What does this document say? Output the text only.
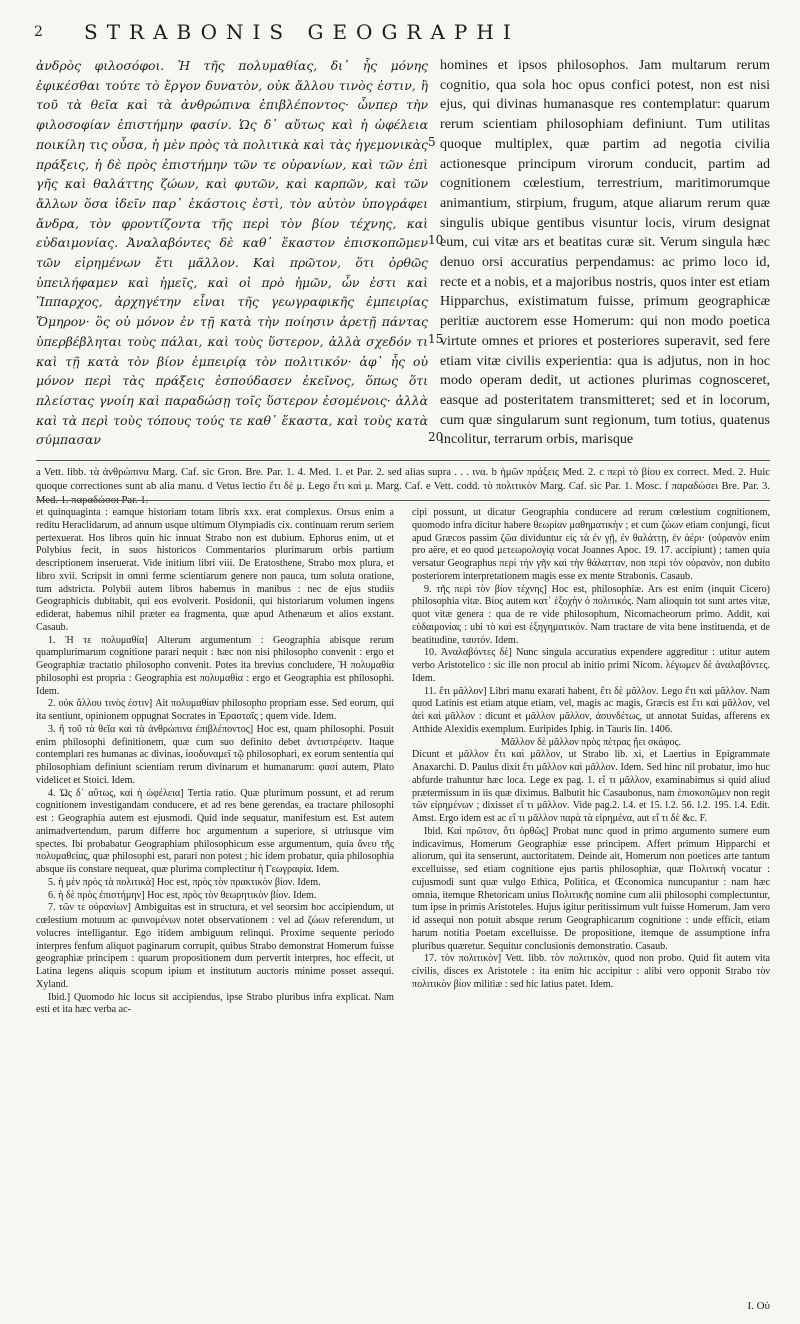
2 STRABONIS GEOGRAPHI
ἀνδρὸς φιλοσόφοι. Ἡ τῆς πολυμαθίας, δι᾽ ἧς μόνης ἐφικέσθαι τούτε τὸ ἔργον δυνατὸν, οὐκ ἄλλου τινὸς ἐστιν, ἢ τοῦ τὰ θεῖα καὶ τὰ ἀνθρώπινα ἐπιβλέποντος· ὧνπερ τὴν φιλοσοφίαν ἐπιστήμην φασίν. Ὡς δ᾽ αὔτως καὶ ἡ ὠφέλεια ποικίλη τις οὖσα, ἡ μὲν πρὸς τὰ πολιτικὰ καὶ τὰς ἡγεμονικὰς πράξεις, ἡ δὲ πρὸς ἐπιστήμην τῶν τε οὐρανίων, καὶ τῶν ἐπὶ γῆς καὶ θαλάττης ζώων, καὶ φυτῶν, καὶ καρπῶν, καὶ τῶν ἄλλων ὅσα ἰδεῖν παρ᾽ ἑκάστοις ἐστὶ, τὸν αὐτὸν ὑπογράφει ἄνδρα, τὸν φροντίζοντα τῆς περὶ τὸν βίον τέχνης, καὶ εὐδαιμονίας. Ἀναλαβόντες δὲ καθ᾽ ἕκαστον ἐπισκοπῶμεν τῶν εἰρημένων ἔτι μᾶλλον. Καὶ πρῶτον, ὅτι ὀρθῶς ὑπειλήφαμεν καὶ ἡμεῖς, καὶ οἱ πρὸ ἡμῶν, ὧν ἐστι καὶ Ἵππαρχος, ἀρχηγέτην εἶναι τῆς γεωγραφικῆς ἐμπειρίας Ὅμηρον· ὃς οὐ μόνον ἐν τῇ κατὰ τὴν ποίησιν ἀρετῇ πάντας ὑπερβέβληται τοὺς πάλαι, καὶ τοὺς ὕστερον, ἀλλὰ σχεδόν τι καὶ τῇ κατὰ τὸν βίον ἐμπειρίᾳ τὸν πολιτικόν· ἀφ᾽ ἧς οὐ μόνον περὶ τὰς πράξεις ἐσπούδασεν ἐκεῖνος, ὅπως ὅτι πλείστας γνοίη καὶ παραδώσῃ τοῖς ὕστερον ἐσομένοις· ἀλλὰ καὶ τὰ περὶ τοὺς τόπους τούς τε καθ᾽ ἕκαστα, καὶ τοὺς κατὰ σύμπασαν
5
10
15
20
homines et ipsos philosophos. Jam multarum rerum cognitio, qua sola hoc opus confici potest, non est nisi ejus, qui divinas humanasque res contemplatur: quarum rerum scientiam philosophiam definiunt. Tum utilitas quoque multiplex, quæ partim ad negotia civilia actionesque principum virorum conducit, partim ad cognitionem cœlestium, terrestrium, maritimorumque animantium, stirpium, frugum, atque aliarum rerum quæ singulis ubique gentibus visuntur locis, virum designat eum, cui vitæ ars et beatitas curæ sit. Verum singula hæc denuo orsi accuratius perpendamus: ac primo loco id, recte et a nobis, et a majoribus nostris, quos inter est etiam Hipparchus, existimatum fuisse, primum geographicæ peritiæ auctorem esse Homerum: qui non modo poetica virtute omnes et priores et posteriores superavit, sed fere etiam vitæ civilis experientia: qua is adjutus, non in hoc modo operam dedit, ut actiones plurimas cognosceret, easque ad posteritatem transmitteret; sed et in locorum, cum quæ singularum sunt regionum, tum totius, quatenus incolitur, terrarum orbis, marisque

a Vett. libb. τὰ ἀνθρώπινα Marg. Caf. sic Gron. Bre. Par. 1. 4. Med. 1. et Par. 2. sed alias supra . . . ινα. b ἡμῶν πράξεις Med. 2. c περὶ τὸ βίου ex correct. Med. 2. Huic quoque correctiones sunt ab alia manu. d Vetus lectio ἔτι δὲ μ. Lego ἔτι καὶ μ. Marg. Caf. e Vett. codd. τὸ πολιτικὸν Marg. Caf. sic Par. 1. Mosc. f παραδώσει Bre. Par. 3.

et quinquaginta : eamque historiam totam libris xxx. erat complexus. Orsus enim a reditu Heraclidarum, ad annum usque ultimum Olympiadis cix. continuam rerum seriem pertexuerat. Hos libros quin hic innuat Strabo non est dubium. Ephorus enim, ut et Polybius fecit, in suos historicos Commentarios plurimarum orbis partium descriptionem inseruerat. Vide initium libri viii. De Eratosthene, Strabo mox plura, et libro xvii. Scripsit in omni ferme scientiarum genere non pauca, tum soluta oratione, tum adstricta. Polybii autem libros habemus in manibus : nec de ejus studiis Geographicis dubitabit, qui eos evolverit. Posidonii, qui historiarum volumen ingens ediderat, habemus nihil præter ea fragmenta, quæ apud Athenæum et alios exstant. Casaub.

1. Ἡ τε πολυμαθία] Alterum argumentum : Geographia abisque rerum quamplurimarum cognitione parari nequit : hæc non nisi philosopho convenit : ergo et Geographiæ tractatio philosopho convenit. Potes ita brevius concludere, Ἡ πολυμαθία philosophi est propria : Geographia est πολυμαθία : ergo et Geographia est philosophi. Idem.

2. οὐκ ἄλλου τινὸς ἐστιν] Ait πολυμαθίαν philosopho propriam esse. Sed eorum, qui ita sentiunt, opinionem oppugnat Socrates in Ἐρασταῖς ; quem vide. Idem.

3. ἢ τοῦ τὰ θεῖα καὶ τὰ ἀνθρώπινα ἐπιβλέποντος] Hoc est, quam philosophi. Posuit enim philosophi definitionem, quæ cum suo definito debet ἀντιστρέφειν. Itaque contemplari res humanas ac divinas, ἰσοδυναμεῖ τῷ philosophari, ex eorum sententia qui philosophiam definiunt scientiam rerum divinarum et humanarum: φασὶ autem, Plato videlicet et Stoici. Idem.

4. Ὡς δ᾽ αὔτως, καὶ ἡ ὠφέλεια] Tertia ratio. Quæ plurimum possunt, et ad rerum cognitionem investigandam conducere, et ad res bene gerendas, ea tractare philosophi est : Geographia autem est ejusmodi. Quid inde sequatur, manifestum est. Est autem animadvertendum, parum differre hoc argumentum a superiore, si utriusque vim spectes. Ibi probabatur Geographiam philosophicum esse argumentum, quia ἄνευ τῆς πολυμαθείας, quæ philosophi est, parari non potest ; hic idem probatur, quia philosophia absque iis constare nequeat, quæ plurima complectitur ἡ Γεωγραφία. Idem.

5. ἡ μὲν πρὸς τὰ πολιτικὰ] Hoc est, πρὸς τὸν πρακτικὸν βίον. Idem.

6. ἡ δὲ πρὸς ἐπιστήμην] Hoc est, πρὸς τὸν θεωρητικὸν βίον. Idem.

7. τῶν τε οὐρανίων] Ambiguitas est in structura, et vel seorsim hoc accipiendum, ut cœlestium motuum ac φαινομένων notet observationem : vel ad ζώων referendum, ut volucres intelligantur. Ego itidem ambiguum relinqui. Proxime sequente periodo interpres fenfum aliquot paginarum corrupit, quibus Strabo demonstrat Homerum fuisse geographiæ principem : quarum propositionem dum pervertit interpres, hoc effecit, ut Latina legens aliquis scopum ipium et institutum auctoris minime posset assequi. Xyland.

Ibid.] Quomodo hic locus sit accipiendus, ipse Strabo pluribus infra explicat. Nam esti et ita hæc verba ac-

cipi possunt, ut dicatur Geographia conducere ad rerum cœlestium cognitionem, quomodo infra dicitur habere θεωρίαν μαθηματικὴν ; et cum ζώων etiam conjungi, ficut apud Græcos passim ζῶα dividuntur εἰς τὰ ἐν γῇ, ἐν θαλάττῃ, ἐν ἀέρι· (οὐρανὸν enim pro aëre, et eo quod μετεωρολογίᾳ vocat Joannes Apoc. 19. 17. accipiunt) ; tamen quia versatur Geographus περὶ τὴν γῆν καὶ τὴν θάλατταν, non περὶ τὸν οὐρανὸν, non dubito posteriorem interpretationem magis esse ex mente Strabonis. Casaub.

9. τῆς περὶ τὸν βίον τέχνης] Hoc est, philosophiæ. Ars est enim (inquit Cicero) philosophia vitæ. Βίος autem κατ᾽ ἐξοχὴν ὁ πολιτικός. Nam alioquin tot sunt artes vitæ, quot vitæ genera : qua de re vide philosophum, Nicomacheorum primo. Addit, καὶ εὐδαιμονίας : ubi τὸ καὶ est ἐξηγηματικόν. Nam tractare de vita bene instituenda, et de beatitudine, ταυτόν. Idem.

10. Ἀναλαβόντες δὲ] Nunc singula accuratius expendere aggreditur : utitur autem verbo Aristotelico : sic ille non procul ab initio primi Nicom. λέγωμεν δὲ ἀναλαβόντες. Idem.

11. ἔτι μᾶλλον] Libri manu exarati habent, ἔτι δὲ μᾶλλον. Lego ἔτι καὶ μᾶλλον. Nam quod Latinis est etiam atque etiam, vel, magis ac magis, Græcis est ἔτι καὶ μᾶλλον, vel ἀεὶ καὶ μᾶλλον : dicunt et μᾶλλον μᾶλλον, ἀσυνδέτως, ut annotat Suidas, afferens ex Atthide Alexidis exemplum. Euripides Iphig. in Tauris lin. 1406.

Μᾶλλον δὲ μᾶλλον πρὸς πέτρας ᾔει σκάφος.

Dicunt et μᾶλλον ἔτι καὶ μᾶλλον, ut Strabo lib. xi, et Laertius in Epigrammate Anaxarchi. D. Paulus dixit ἔτι μᾶλλον καὶ μᾶλλον. Idem. Sed hinc nil probatur, imo huc abfurde trahuntur hæc loca. Lege ex pag. 1. εἴ τι μᾶλλον, examinabimus si quid aliud prætermissum in iis quæ diximus. Balbutit hic Casaubonus, nam ἐπισκοπῶμεν non regit τῶν εἰρημένων ; dixisset εἴ τι μᾶλλον. Vide pag.2. l.4. et 15. l.2. 56. l.2. 195. l.4. Edit. Amst. Ergo idem est ac εἴ τι μᾶλλον παρὰ τὰ εἰρημένα, aut εἴ τι δὲ &c. F.

Ibid. Καὶ πρῶτον, ὅτι ὀρθῶς] Probat nunc quod in primo argumento sumere eum indicavimus, Homerum Geographiæ esse principem. Affert primum Hipparchi et aliorum, qui ita senserunt, auctoritatem. Deinde ait, Homerum non poetices arte tantum excelluisse, sed etiam cognitione ejus partis philosophiæ, quæ Πολιτικὴ vocatur : cujusmodi sunt quæ vulgo Ethica, Politica, et Œconomica nuncupantur : nam hæc omnia, itemque Rhetoricam unius Πολιτικῆς nomine cum alii philosophi complectuntur, tum ipse in primis Aristoteles. Hujus igitur peritissimum vult fuisse Homerum. Jam vero id assequi non potuit absque rerum Geographicarum cognitione : unde efficit, etiam harum notitia Poetam excelluisse. De propositione, itemque de assumptione infra pluribus quæretur. Sequitur conclusionis demonstratio. Casaub.

17. τὸν πολιτικὸν] Vett. libb. τὸν πολιτικὸν, quod non probo. Quid fit autem vita civilis, disces ex Aristotele : ita enim hic accipitur : alibi vero opponit Strabo τὸν πολιτικὸν βίον militiæ : sed hic latius patet. Idem.

I. Οὐ
